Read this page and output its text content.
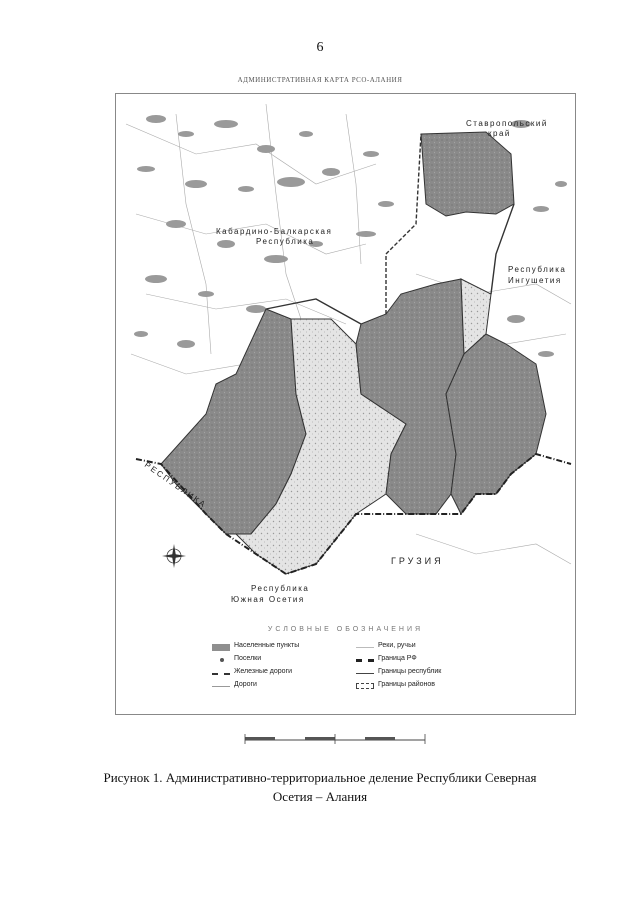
6
АДМИНИСТРАТИВНАЯ КАРТА РСО-АЛАНИЯ
Ставропольский
край
Кабардино-Балкарская
Республика
Республика
Ингушетия
ГРУЗИЯ
Республика
Южная Осетия
РЕСПУБЛИКА
УСЛОВНЫЕ ОБОЗНАЧЕНИЯ
Населенные пункты
Поселки
Железные дороги
Дороги
Реки, ручьи
Граница РФ
Границы республик
Границы районов
Рисунок 1. Административно-территориальное деление Республики Северная
Осетия – Алания
